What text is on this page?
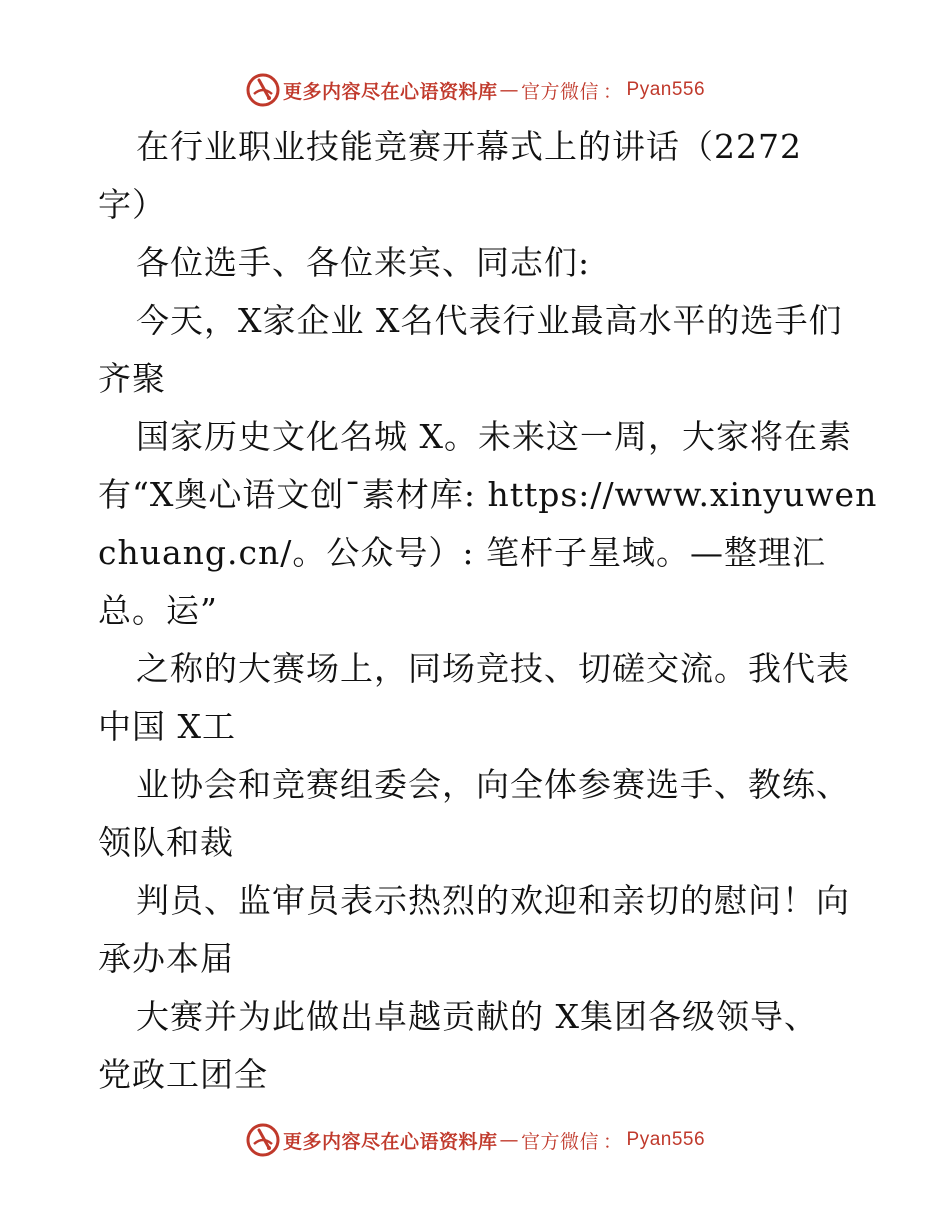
更多内容尽在心语资料库 — 官方微信 ： Pyan556
在行业职业技能竞赛开幕式上的讲话（2272
字）
各位选手、各位来宾、同志们:
今天，X家企业 X名代表行业最高水平的选手们
齐聚
国家历史文化名城 X。未来这一周，大家将在素
有“X奥心语文创¯素材库: https://www.xinyuwen
chuang.cn/。公众号）: 笔杆子星域。—整理汇
总。运”
之称的大赛场上，同场竞技、切磋交流。我代表
中国 X工
业协会和竞赛组委会，向全体参赛选手、教练、
领队和裁
判员、监审员表示热烈的欢迎和亲切的慰问！向
承办本届
大赛并为此做出卓越贡献的 X集团各级领导、
党政工团全
更多内容尽在心语资料库 — 官方微信 ： Pyan556
